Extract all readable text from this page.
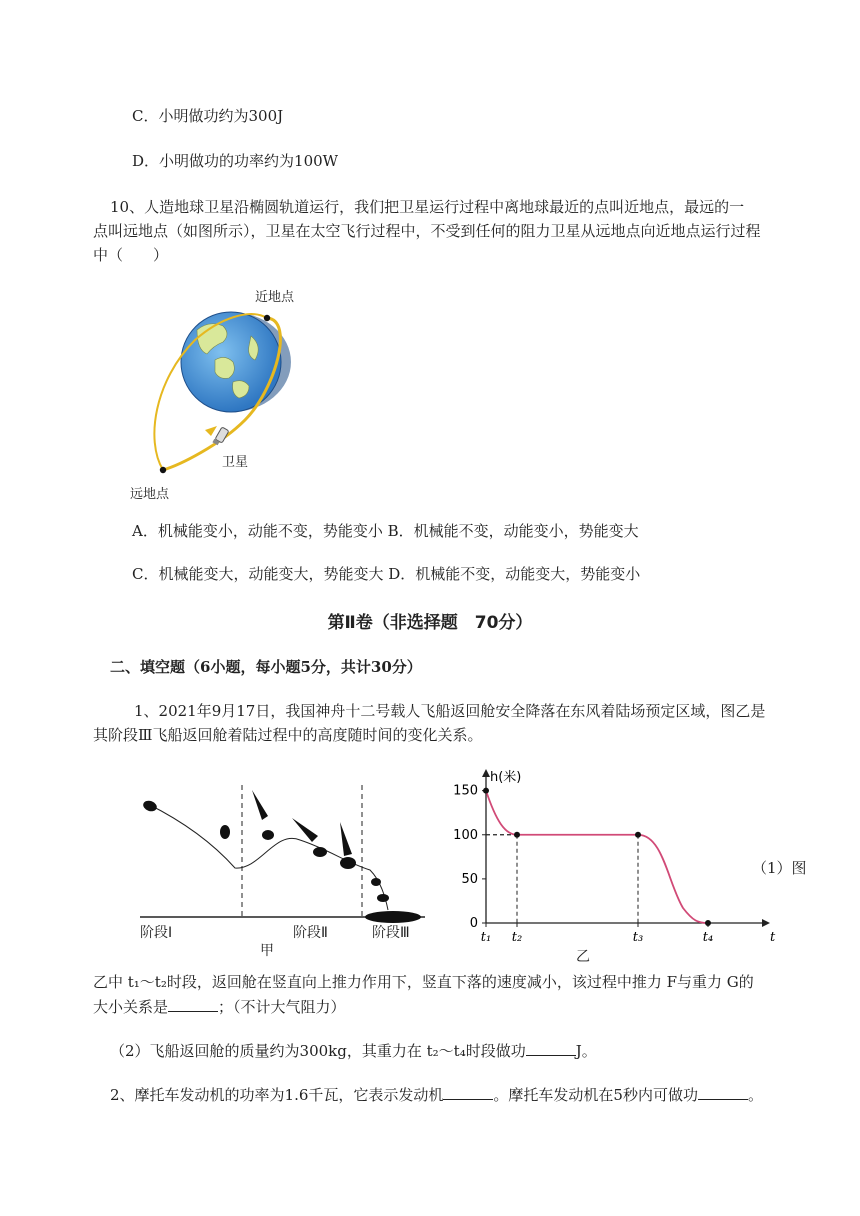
C．小明做功约为300J
D．小明做功的功率约为100W
10、人造地球卫星沿椭圆轨道运行，我们把卫星运行过程中离地球最近的点叫近地点，最远的一
点叫远地点（如图所示），卫星在太空飞行过程中，不受到任何的阻力卫星从远地点向近地点运行过程
中（　　）
近地点
远地点
卫星
A．机械能变小，动能不变，势能变小 B．机械能不变，动能变小，势能变大
C．机械能变大，动能变大，势能变大 D．机械能不变，动能变大，势能变小
第Ⅱ卷（非选择题　70分）
二、填空题（6小题，每小题5分，共计30分）
1、2021年9月17日，我国神舟十二号载人飞船返回舱安全降落在东风着陆场预定区域，图乙是
其阶段Ⅲ飞船返回舱着陆过程中的高度随时间的变化关系。
阶段Ⅰ	阶段Ⅱ	阶段Ⅲ
甲
h(米)
t
0
50
100
150
t₁ t₂	t₃	t₄
乙
（1）图
乙中 t₁～t₂时段，返回舱在竖直向上推力作用下，竖直下落的速度减小，该过程中推力 F与重力 G的
大小关系是	；（不计大气阻力）
（2）飞船返回舱的质量约为300kg，其重力在 t₂～t₄时段做功	J。
2、摩托车发动机的功率为1.6千瓦，它表示发动机	。摩托车发动机在5秒内可做功	。
